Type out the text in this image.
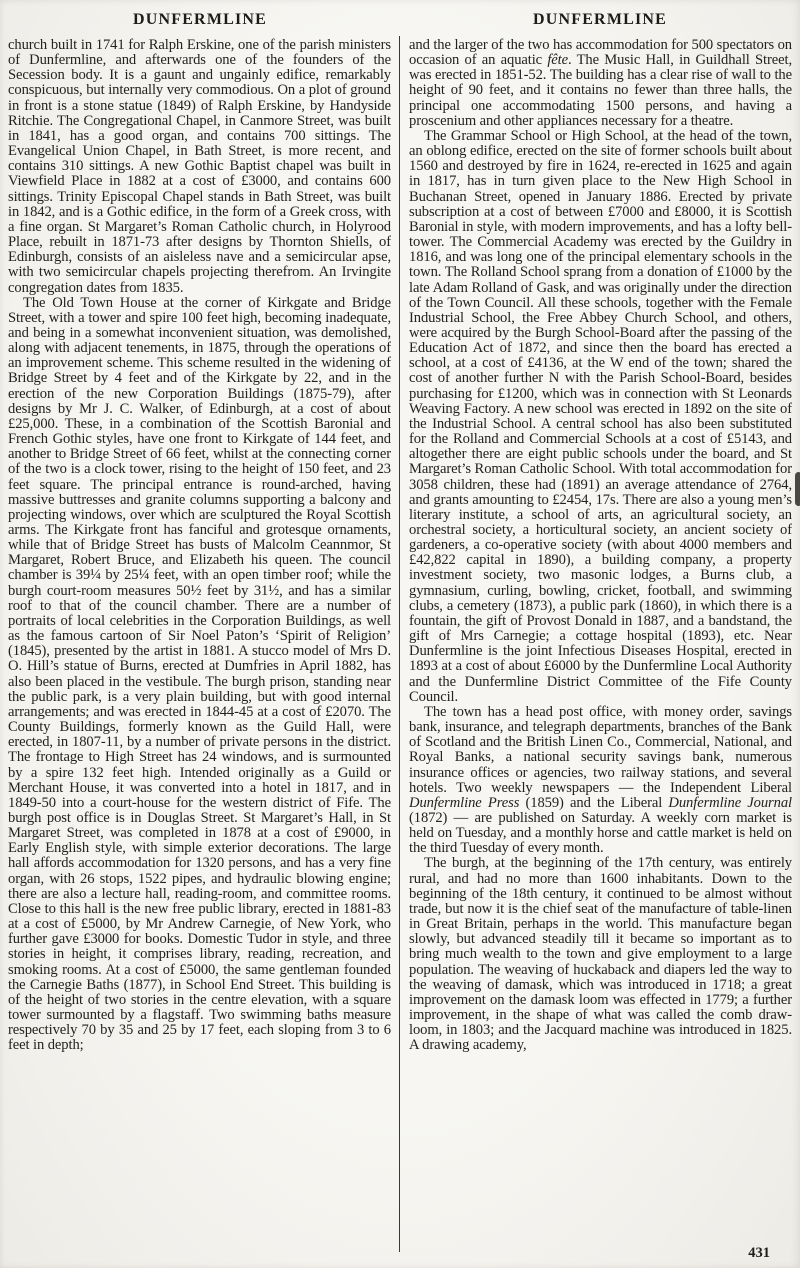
DUNFERMLINE	DUNFERMLINE

church built in 1741 for Ralph Erskine, one of the parish ministers of Dunfermline, and afterwards one of the founders of the Secession body. It is a gaunt and ungainly edifice, remarkably conspicuous, but internally very commodious. On a plot of ground in front is a stone statue (1849) of Ralph Erskine, by Handyside Ritchie. The Congregational Chapel, in Canmore Street, was built in 1841, has a good organ, and contains 700 sittings. The Evangelical Union Chapel, in Bath Street, is more recent, and contains 310 sittings. A new Gothic Baptist chapel was built in Viewfield Place in 1882 at a cost of £3000, and contains 600 sittings. Trinity Episcopal Chapel stands in Bath Street, was built in 1842, and is a Gothic edifice, in the form of a Greek cross, with a fine organ. St Margaret’s Roman Catholic church, in Holyrood Place, rebuilt in 1871-73 after designs by Thornton Shiells, of Edinburgh, consists of an aisleless nave and a semicircular apse, with two semicircular chapels projecting therefrom. An Irvingite congregation dates from 1835.

The Old Town House at the corner of Kirkgate and Bridge Street, with a tower and spire 100 feet high, becoming inadequate, and being in a somewhat inconvenient situation, was demolished, along with adjacent tenements, in 1875, through the operations of an improvement scheme. This scheme resulted in the widening of Bridge Street by 4 feet and of the Kirkgate by 22, and in the erection of the new Corporation Buildings (1875-79), after designs by Mr J. C. Walker, of Edinburgh, at a cost of about £25,000. These, in a combination of the Scottish Baronial and French Gothic styles, have one front to Kirkgate of 144 feet, and another to Bridge Street of 66 feet, whilst at the connecting corner of the two is a clock tower, rising to the height of 150 feet, and 23 feet square. The principal entrance is round-arched, having massive buttresses and granite columns supporting a balcony and projecting windows, over which are sculptured the Royal Scottish arms. The Kirkgate front has fanciful and grotesque ornaments, while that of Bridge Street has busts of Malcolm Ceannmor, St Margaret, Robert Bruce, and Elizabeth his queen. The council chamber is 39¼ by 25¼ feet, with an open timber roof; while the burgh court-room measures 50½ feet by 31½, and has a similar roof to that of the council chamber. There are a number of portraits of local celebrities in the Corporation Buildings, as well as the famous cartoon of Sir Noel Paton’s ‘Spirit of Religion’ (1845), presented by the artist in 1881. A stucco model of Mrs D. O. Hill’s statue of Burns, erected at Dumfries in April 1882, has also been placed in the vestibule. The burgh prison, standing near the public park, is a very plain building, but with good internal arrangements; and was erected in 1844-45 at a cost of £2070. The County Buildings, formerly known as the Guild Hall, were erected, in 1807-11, by a number of private persons in the district. The frontage to High Street has 24 windows, and is surmounted by a spire 132 feet high. Intended originally as a Guild or Merchant House, it was converted into a hotel in 1817, and in 1849-50 into a court-house for the western district of Fife. The burgh post office is in Douglas Street. St Margaret’s Hall, in St Margaret Street, was completed in 1878 at a cost of £9000, in Early English style, with simple exterior decorations. The large hall affords accommodation for 1320 persons, and has a very fine organ, with 26 stops, 1522 pipes, and hydraulic blowing engine; there are also a lecture hall, reading-room, and committee rooms. Close to this hall is the new free public library, erected in 1881-83 at a cost of £5000, by Mr Andrew Carnegie, of New York, who further gave £3000 for books. Domestic Tudor in style, and three stories in height, it comprises library, reading, recreation, and smoking rooms. At a cost of £5000, the same gentleman founded the Carnegie Baths (1877), in School End Street. This building is of the height of two stories in the centre elevation, with a square tower surmounted by a flagstaff. Two swimming baths measure respectively 70 by 35 and 25 by 17 feet, each sloping from 3 to 6 feet in depth;

and the larger of the two has accommodation for 500 spectators on occasion of an aquatic fête. The Music Hall, in Guildhall Street, was erected in 1851-52. The building has a clear rise of wall to the height of 90 feet, and it contains no fewer than three halls, the principal one accommodating 1500 persons, and having a proscenium and other appliances necessary for a theatre.

The Grammar School or High School, at the head of the town, an oblong edifice, erected on the site of former schools built about 1560 and destroyed by fire in 1624, re-erected in 1625 and again in 1817, has in turn given place to the New High School in Buchanan Street, opened in January 1886. Erected by private subscription at a cost of between £7000 and £8000, it is Scottish Baronial in style, with modern improvements, and has a lofty bell-tower. The Commercial Academy was erected by the Guildry in 1816, and was long one of the principal elementary schools in the town. The Rolland School sprang from a donation of £1000 by the late Adam Rolland of Gask, and was originally under the direction of the Town Council. All these schools, together with the Female Industrial School, the Free Abbey Church School, and others, were acquired by the Burgh School-Board after the passing of the Education Act of 1872, and since then the board has erected a school, at a cost of £4136, at the W end of the town; shared the cost of another further N with the Parish School-Board, besides purchasing for £1200, which was in connection with St Leonards Weaving Factory. A new school was erected in 1892 on the site of the Industrial School. A central school has also been substituted for the Rolland and Commercial Schools at a cost of £5143, and altogether there are eight public schools under the board, and St Margaret’s Roman Catholic School. With total accommodation for 3058 children, these had (1891) an average attendance of 2764, and grants amounting to £2454, 17s. There are also a young men’s literary institute, a school of arts, an agricultural society, an orchestral society, a horticultural society, an ancient society of gardeners, a co-operative society (with about 4000 members and £42,822 capital in 1890), a building company, a property investment society, two masonic lodges, a Burns club, a gymnasium, curling, bowling, cricket, football, and swimming clubs, a cemetery (1873), a public park (1860), in which there is a fountain, the gift of Provost Donald in 1887, and a bandstand, the gift of Mrs Carnegie; a cottage hospital (1893), etc. Near Dunfermline is the joint Infectious Diseases Hospital, erected in 1893 at a cost of about £6000 by the Dunfermline Local Authority and the Dunfermline District Committee of the Fife County Council.

The town has a head post office, with money order, savings bank, insurance, and telegraph departments, branches of the Bank of Scotland and the British Linen Co., Commercial, National, and Royal Banks, a national security savings bank, numerous insurance offices or agencies, two railway stations, and several hotels. Two weekly newspapers — the Independent Liberal Dunfermline Press (1859) and the Liberal Dunfermline Journal (1872) — are published on Saturday. A weekly corn market is held on Tuesday, and a monthly horse and cattle market is held on the third Tuesday of every month.

The burgh, at the beginning of the 17th century, was entirely rural, and had no more than 1600 inhabitants. Down to the beginning of the 18th century, it continued to be almost without trade, but now it is the chief seat of the manufacture of table-linen in Great Britain, perhaps in the world. This manufacture began slowly, but advanced steadily till it became so important as to bring much wealth to the town and give employment to a large population. The weaving of huckaback and diapers led the way to the weaving of damask, which was introduced in 1718; a great improvement on the damask loom was effected in 1779; a further improvement, in the shape of what was called the comb draw-loom, in 1803; and the Jacquard machine was introduced in 1825. A drawing academy,

431
